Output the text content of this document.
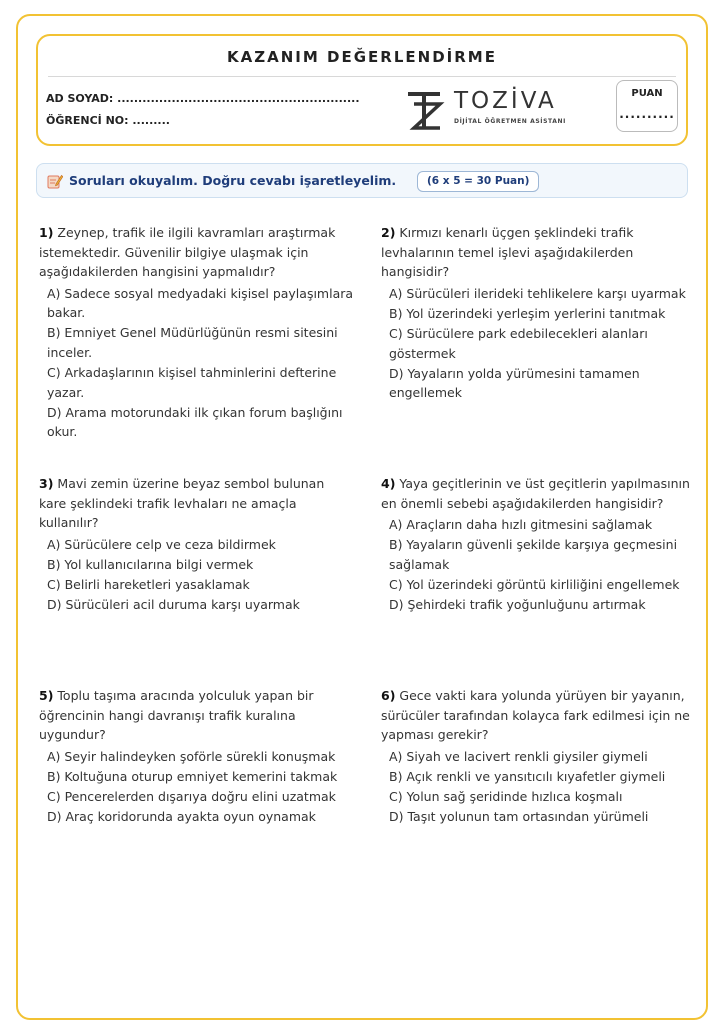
KAZANIM DEĞERLENDİRME
AD SOYAD: ..........................................................
ÖĞRENCİ NO: .........
TOZİVA
DİJİTAL ÖĞRETMEN ASİSTANI
PUAN
..........
Soruları okuyalım. Doğru cevabı işaretleyelim.	(6 x 5 = 30 Puan)
1) Zeynep, trafik ile ilgili kavramları araştırmak istemektedir. Güvenilir bilgiye ulaşmak için aşağıdakilerden hangisini yapmalıdır?
A) Sadece sosyal medyadaki kişisel paylaşımlara bakar.
B) Emniyet Genel Müdürlüğünün resmi sitesini inceler.
C) Arkadaşlarının kişisel tahminlerini defterine yazar.
D) Arama motorundaki ilk çıkan forum başlığını okur.
2) Kırmızı kenarlı üçgen şeklindeki trafik levhalarının temel işlevi aşağıdakilerden hangisidir?
A) Sürücüleri ilerideki tehlikelere karşı uyarmak
B) Yol üzerindeki yerleşim yerlerini tanıtmak
C) Sürücülere park edebilecekleri alanları göstermek
D) Yayaların yolda yürümesini tamamen engellemek
3) Mavi zemin üzerine beyaz sembol bulunan kare şeklindeki trafik levhaları ne amaçla kullanılır?
A) Sürücülere celp ve ceza bildirmek
B) Yol kullanıcılarına bilgi vermek
C) Belirli hareketleri yasaklamak
D) Sürücüleri acil duruma karşı uyarmak
4) Yaya geçitlerinin ve üst geçitlerin yapılmasının en önemli sebebi aşağıdakilerden hangisidir?
A) Araçların daha hızlı gitmesini sağlamak
B) Yayaların güvenli şekilde karşıya geçmesini sağlamak
C) Yol üzerindeki görüntü kirliliğini engellemek
D) Şehirdeki trafik yoğunluğunu artırmak
5) Toplu taşıma aracında yolculuk yapan bir öğrencinin hangi davranışı trafik kuralına uygundur?
A) Seyir halindeyken şoförle sürekli konuşmak
B) Koltuğuna oturup emniyet kemerini takmak
C) Pencerelerden dışarıya doğru elini uzatmak
D) Araç koridorunda ayakta oyun oynamak
6) Gece vakti kara yolunda yürüyen bir yayanın, sürücüler tarafından kolayca fark edilmesi için ne yapması gerekir?
A) Siyah ve lacivert renkli giysiler giymeli
B) Açık renkli ve yansıtıcılı kıyafetler giymeli
C) Yolun sağ şeridinde hızlıca koşmalı
D) Taşıt yolunun tam ortasından yürümeli
